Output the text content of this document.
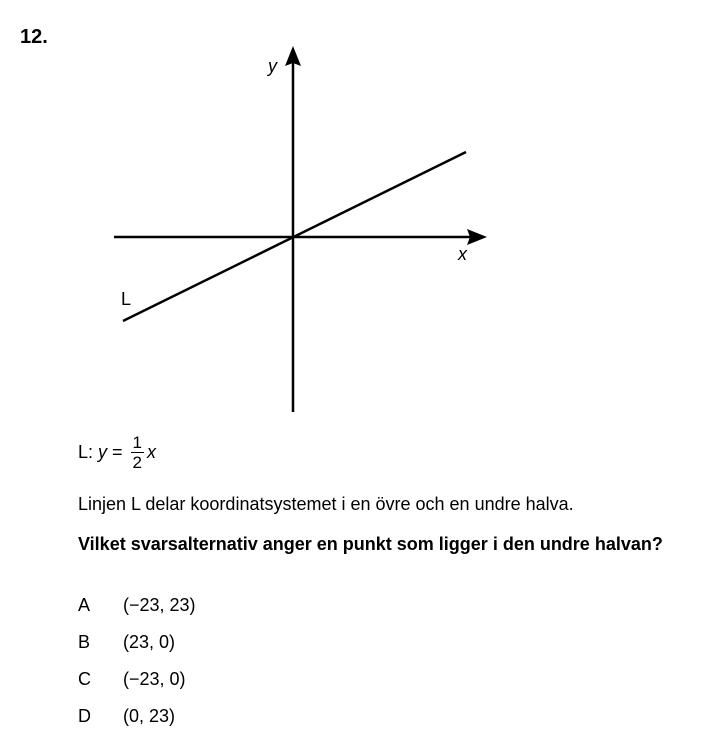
12.
y
x
L
L: $y = \frac{1}{2}$ x
Linjen L delar koordinatsystemet i en övre och en undre halva.
Vilket svarsalternativ anger en punkt som ligger i den undre halvan?
A	(−23, 23)
B	(23, 0)
C	(−23, 0)
D	(0, 23)
